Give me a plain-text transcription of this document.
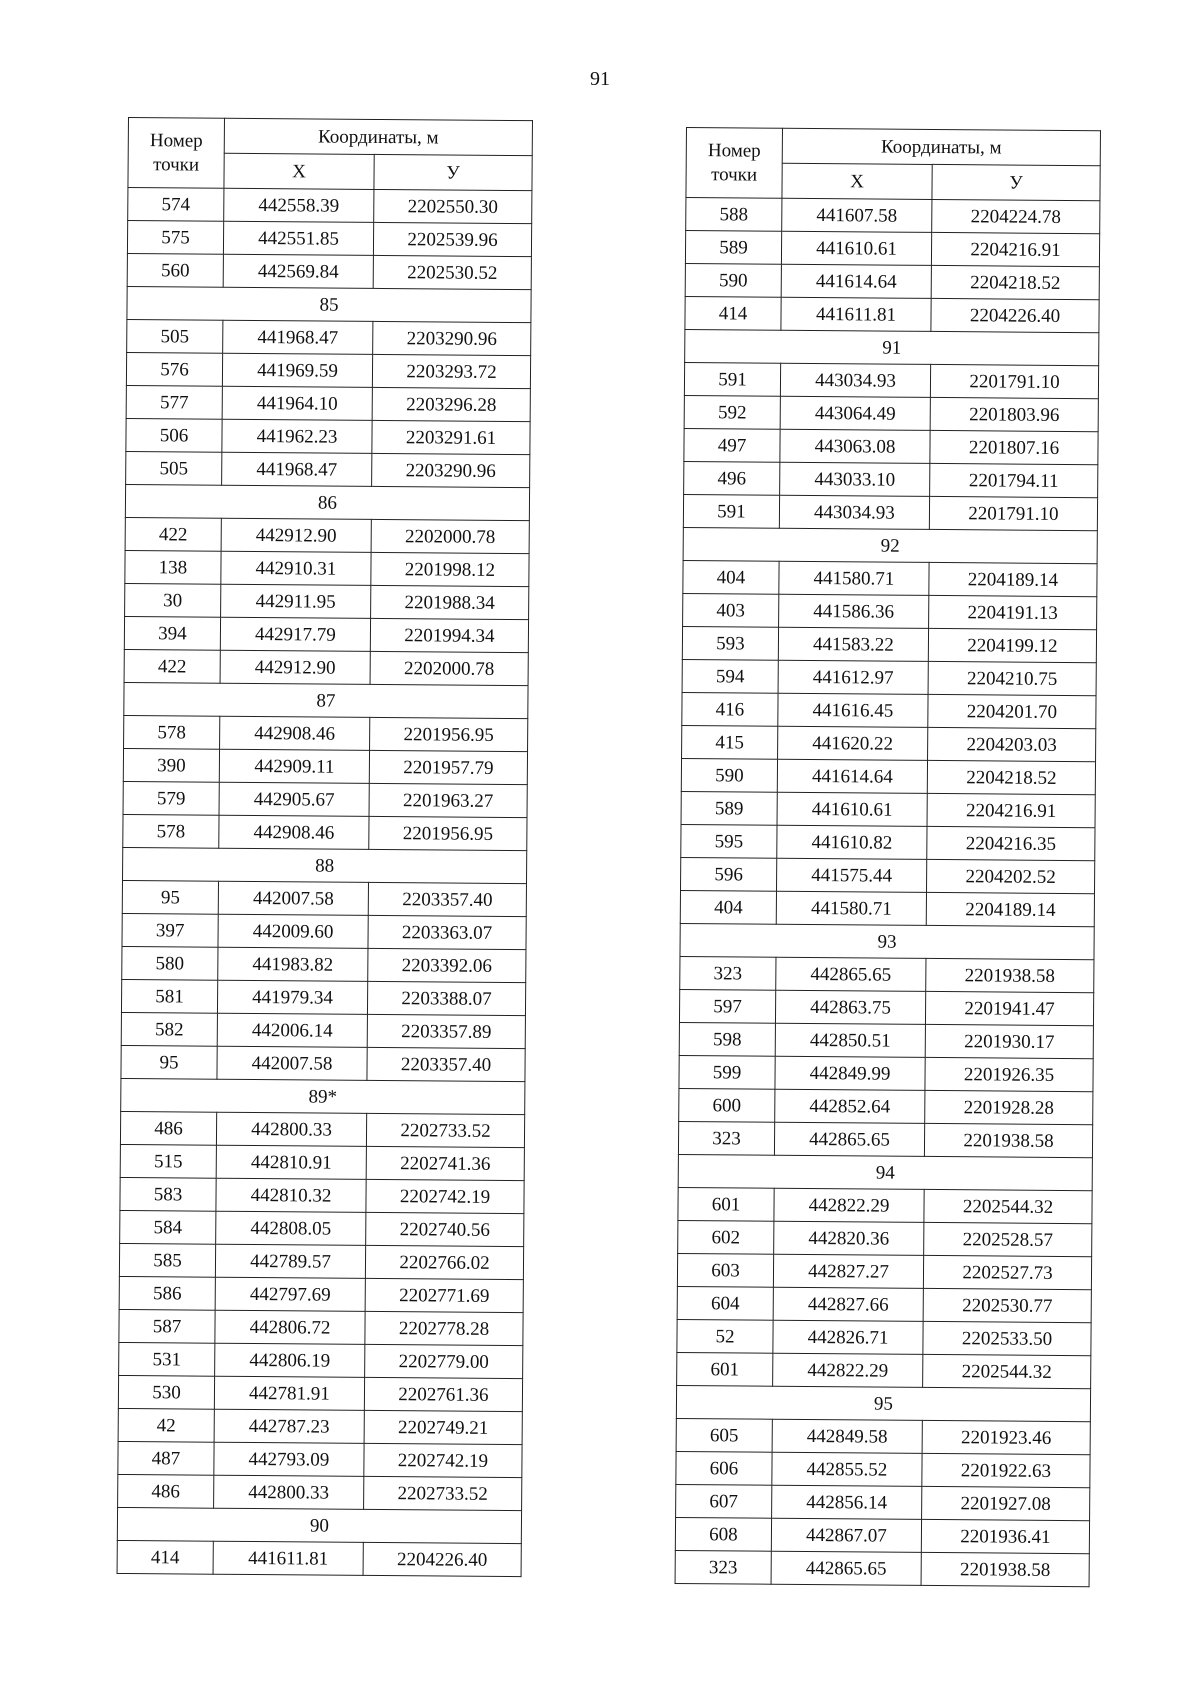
91
Номер точки	Координаты, м	
	X	У
574	442558.39	2202550.30
575	442551.85	2202539.96
560	442569.84	2202530.52
85		
505	441968.47	2203290.96
576	441969.59	2203293.72
577	441964.10	2203296.28
506	441962.23	2203291.61
505	441968.47	2203290.96
86		
422	442912.90	2202000.78
138	442910.31	2201998.12
30	442911.95	2201988.34
394	442917.79	2201994.34
422	442912.90	2202000.78
87		
578	442908.46	2201956.95
390	442909.11	2201957.79
579	442905.67	2201963.27
578	442908.46	2201956.95
88		
95	442007.58	2203357.40
397	442009.60	2203363.07
580	441983.82	2203392.06
581	441979.34	2203388.07
582	442006.14	2203357.89
95	442007.58	2203357.40
89*		
486	442800.33	2202733.52
515	442810.91	2202741.36
583	442810.32	2202742.19
584	442808.05	2202740.56
585	442789.57	2202766.02
586	442797.69	2202771.69
587	442806.72	2202778.28
531	442806.19	2202779.00
530	442781.91	2202761.36
42	442787.23	2202749.21
487	442793.09	2202742.19
486	442800.33	2202733.52
90		
414	441611.81	2204226.40
Номер точки	Координаты, м	
	X	У
588	441607.58	2204224.78
589	441610.61	2204216.91
590	441614.64	2204218.52
414	441611.81	2204226.40
91		
591	443034.93	2201791.10
592	443064.49	2201803.96
497	443063.08	2201807.16
496	443033.10	2201794.11
591	443034.93	2201791.10
92		
404	441580.71	2204189.14
403	441586.36	2204191.13
593	441583.22	2204199.12
594	441612.97	2204210.75
416	441616.45	2204201.70
415	441620.22	2204203.03
590	441614.64	2204218.52
589	441610.61	2204216.91
595	441610.82	2204216.35
596	441575.44	2204202.52
404	441580.71	2204189.14
93		
323	442865.65	2201938.58
597	442863.75	2201941.47
598	442850.51	2201930.17
599	442849.99	2201926.35
600	442852.64	2201928.28
323	442865.65	2201938.58
94		
601	442822.29	2202544.32
602	442820.36	2202528.57
603	442827.27	2202527.73
604	442827.66	2202530.77
52	442826.71	2202533.50
601	442822.29	2202544.32
95		
605	442849.58	2201923.46
606	442855.52	2201922.63
607	442856.14	2201927.08
608	442867.07	2201936.41
323	442865.65	2201938.58
